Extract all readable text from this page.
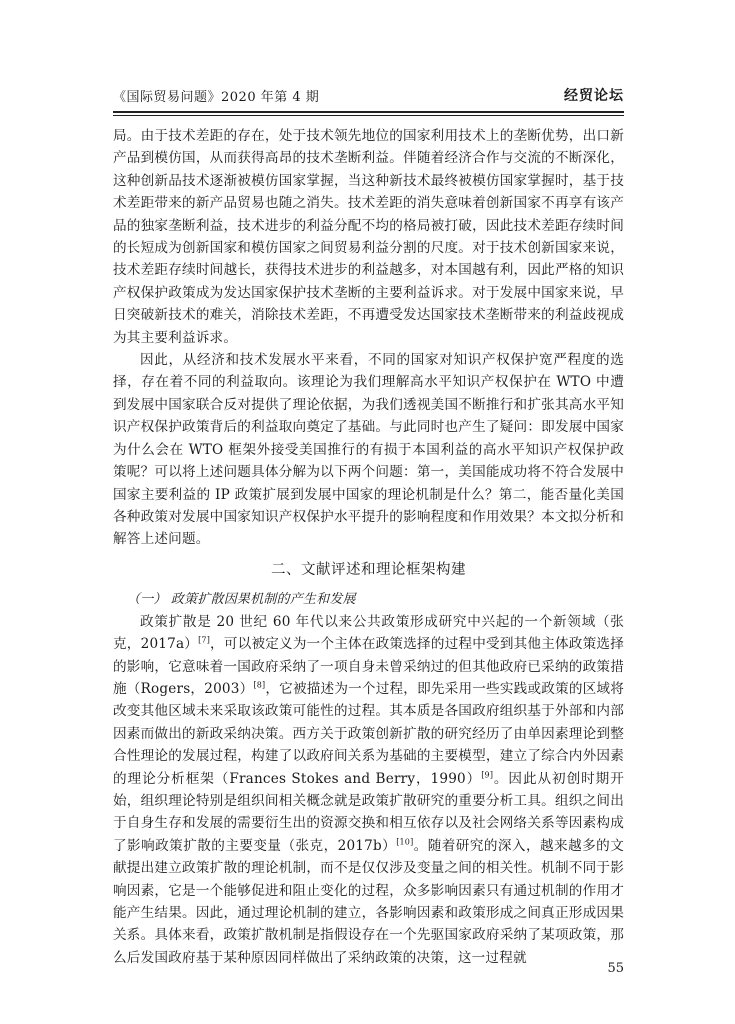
《国际贸易问题》2020 年第 4 期	经贸论坛

局。由于技术差距的存在，处于技术领先地位的国家利用技术上的垄断优势，出口新产品到模仿国，从而获得高昂的技术垄断利益。伴随着经济合作与交流的不断深化，这种创新品技术逐渐被模仿国家掌握，当这种新技术最终被模仿国家掌握时，基于技术差距带来的新产品贸易也随之消失。技术差距的消失意味着创新国家不再享有该产品的独家垄断利益，技术进步的利益分配不均的格局被打破，因此技术差距存续时间的长短成为创新国家和模仿国家之间贸易利益分割的尺度。对于技术创新国家来说，技术差距存续时间越长，获得技术进步的利益越多，对本国越有利，因此严格的知识产权保护政策成为发达国家保护技术垄断的主要利益诉求。对于发展中国家来说，早日突破新技术的难关，消除技术差距，不再遭受发达国家技术垄断带来的利益歧视成为其主要利益诉求。

因此，从经济和技术发展水平来看，不同的国家对知识产权保护宽严程度的选择，存在着不同的利益取向。该理论为我们理解高水平知识产权保护在 WTO 中遭到发展中国家联合反对提供了理论依据，为我们透视美国不断推行和扩张其高水平知识产权保护政策背后的利益取向奠定了基础。与此同时也产生了疑问：即发展中国家为什么会在 WTO 框架外接受美国推行的有损于本国利益的高水平知识产权保护政策呢？可以将上述问题具体分解为以下两个问题：第一，美国能成功将不符合发展中国家主要利益的 IP 政策扩展到发展中国家的理论机制是什么？第二，能否量化美国各种政策对发展中国家知识产权保护水平提升的影响程度和作用效果？本文拟分析和解答上述问题。

二、文献评述和理论框架构建

（一） 政策扩散因果机制的产生和发展

政策扩散是 20 世纪 60 年代以来公共政策形成研究中兴起的一个新领域（张克，2017a）[7]，可以被定义为一个主体在政策选择的过程中受到其他主体政策选择的影响，它意味着一国政府采纳了一项自身未曾采纳过的但其他政府已采纳的政策措施（Rogers，2003）[8]，它被描述为一个过程，即先采用一些实践或政策的区域将改变其他区域未来采取该政策可能性的过程。其本质是各国政府组织基于外部和内部因素而做出的新政采纳决策。西方关于政策创新扩散的研究经历了由单因素理论到整合性理论的发展过程，构建了以政府间关系为基础的主要模型，建立了综合内外因素的理论分析框架（Frances Stokes and Berry，1990）[9]。因此从初创时期开始，组织理论特别是组织间相关概念就是政策扩散研究的重要分析工具。组织之间出于自身生存和发展的需要衍生出的资源交换和相互依存以及社会网络关系等因素构成了影响政策扩散的主要变量（张克，2017b）[10]。随着研究的深入，越来越多的文献提出建立政策扩散的理论机制，而不是仅仅涉及变量之间的相关性。机制不同于影响因素，它是一个能够促进和阻止变化的过程，众多影响因素只有通过机制的作用才能产生结果。因此，通过理论机制的建立，各影响因素和政策形成之间真正形成因果关系。具体来看，政策扩散机制是指假设存在一个先驱国家政府采纳了某项政策，那么后发国政府基于某种原因同样做出了采纳政策的决策，这一过程就

55
